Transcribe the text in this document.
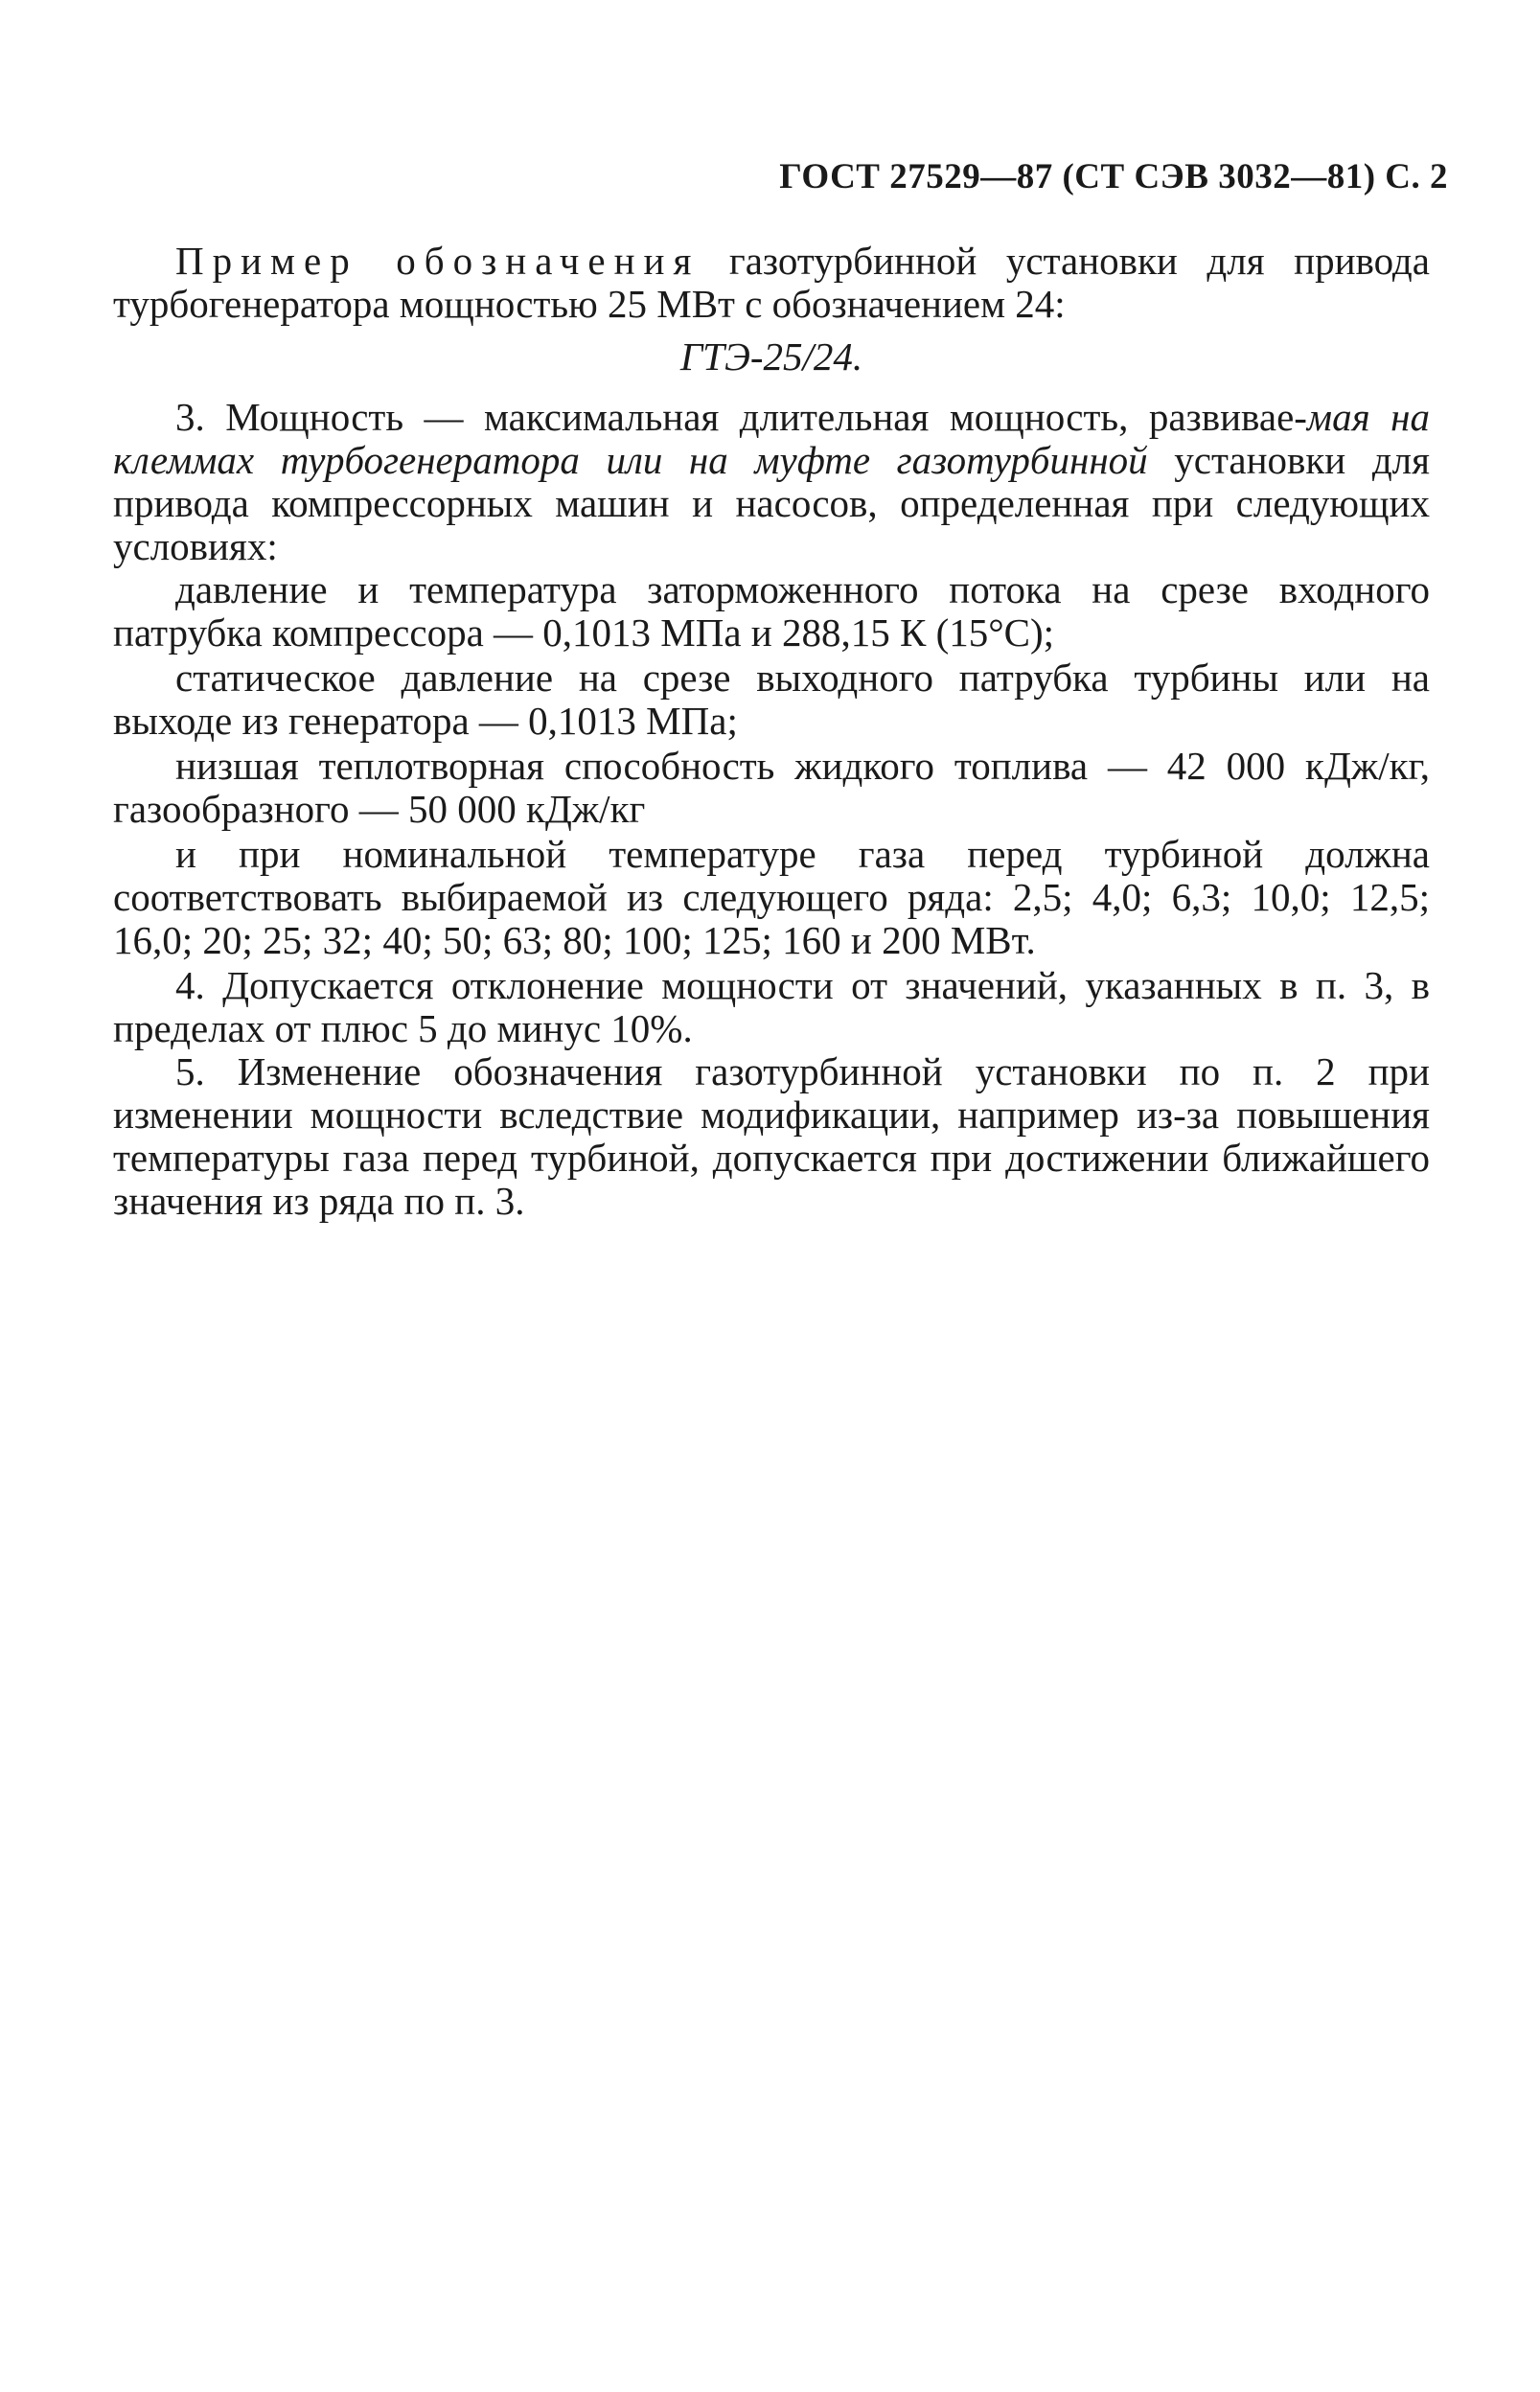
ГОСТ 27529—87 (СТ СЭВ 3032—81) С. 2

Пример обозначения газотурбинной установки для привода турбогенератора мощностью 25 МВт с обозначением 24:

ГТЭ-25/24.

3. Мощность — максимальная длительная мощность, развивае-мая на клеммах турбогенератора или на муфте газотурбинной установки для привода компрессорных машин и насосов, определенная при следующих условиях:

давление и температура заторможенного потока на срезе входного патрубка компрессора — 0,1013 МПа и 288,15 К (15°С);

статическое давление на срезе выходного патрубка турбины или на выходе из генератора — 0,1013 МПа;

низшая теплотворная способность жидкого топлива — 42 000 кДж/кг, газообразного — 50 000 кДж/кг

и при номинальной температуре газа перед турбиной должна соответствовать выбираемой из следующего ряда: 2,5; 4,0; 6,3; 10,0; 12,5; 16,0; 20; 25; 32; 40; 50; 63; 80; 100; 125; 160 и 200 МВт.

4. Допускается отклонение мощности от значений, указанных в п. 3, в пределах от плюс 5 до минус 10%.

5. Изменение обозначения газотурбинной установки по п. 2 при изменении мощности вследствие модификации, например из-за повышения температуры газа перед турбиной, допускается при достижении ближайшего значения из ряда по п. 3.
